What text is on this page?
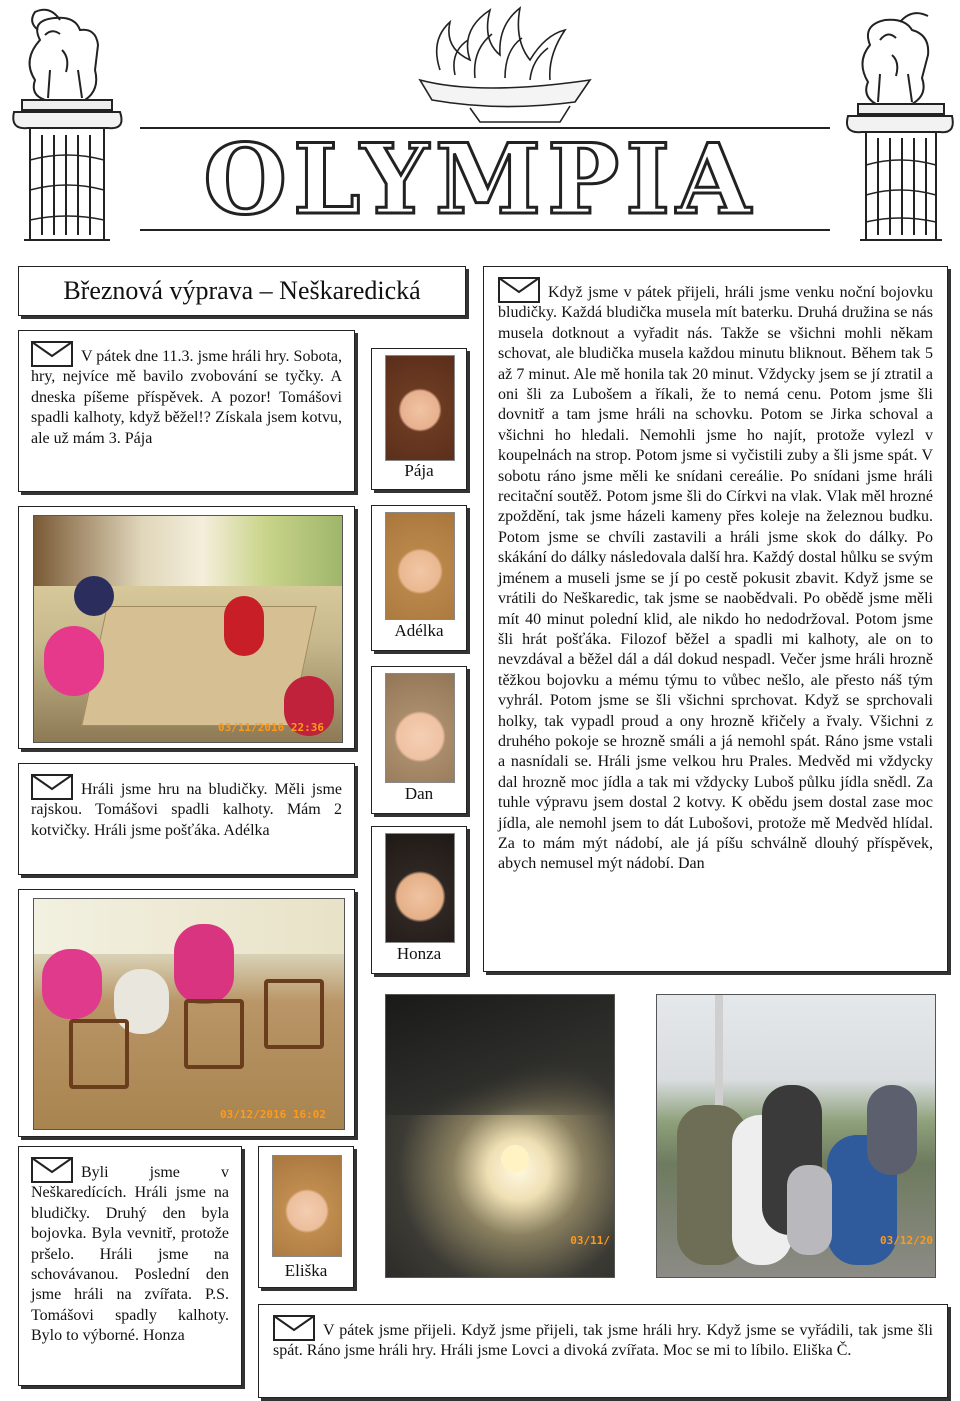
OLYMPIA
Březnová výprava – Neškaredická
V pátek dne 11.3. jsme hráli hry. Sobota, hry, nejvíce mě bavilo zvobování se tyčky. A dneska píšeme příspěvek. A pozor! Tomášovi spadli kalhoty, když běžel!? Získala jsem kotvu, ale už mám 3. Pája
03/11/2016 22:36
Hráli jsme hru na bludičky. Měli jsme rajskou. Tomášovi spadli kalhoty. Mám 2 kotvičky. Hráli jsme pošťáka. Adélka
03/12/2016 16:02
Pája
Adélka
Dan
Honza
Když jsme v pátek přijeli, hráli jsme venku noční bojovku bludičky. Každá bludička musela mít baterku. Druhá družina se nás musela dotknout a vyřadit nás. Takže se všichni mohli někam schovat, ale bludička musela každou minutu bliknout. Během tak 5 až 7 minut. Ale mě honila tak 20 minut. Vždycky jsem se jí ztratil a oni šli za Lubošem a říkali, že to nemá cenu. Potom jsme šli dovnitř a tam jsme hráli na schovku. Potom se Jirka schoval a všichni ho hledali. Nemohli jsme ho najít, protože vylezl v koupelnách na strop. Potom jsme si vyčistili zuby a šli jsme spát. V sobotu ráno jsme měli ke snídani cereálie. Po snídani jsme hráli recitační soutěž. Potom jsme šli do Církvi na vlak. Vlak měl hrozné zpoždění, tak jsme házeli kameny přes koleje na železnou budku. Potom jsme se chvíli zastavili a hráli jsme skok do dálky. Po skákání do dálky následovala další hra. Každý dostal hůlku se svým jménem a museli jsme se jí po cestě pokusit zbavit. Když jsme se vrátili do Neškaredic, tak jsme se naobědvali. Po obědě jsme měli mít 40 minut polední klid, ale nikdo ho nedodržoval. Potom jsme šli hrát pošťáka. Filozof běžel a spadli mi kalhoty, ale on to nevzdával a běžel dál a dál dokud nespadl. Večer jsme hráli hrozně těžkou bojovku a mému týmu to vůbec nešlo, ale přesto náš tým vyhrál. Potom jsme se šli všichni sprchovat. Když se sprchovali holky, tak vypadl proud a ony hrozně křičely a řvaly. Všichni z druhého pokoje se hrozně smáli a já nemohl spát. Ráno jsme vstali a nasnídali se. Hráli jsme velkou hru Prales. Medvěd mi vždycky dal hrozně moc jídla a tak mi vždycky Luboš půlku jídla snědl. Za tuhle výpravu jsem dostal 2 kotvy. K obědu jsem dostal zase moc jídla, ale nemohl jsem to dát Lubošovi, protože mě Medvěd hlídal. Za to mám mýt nádobí, ale já píšu schválně dlouhý příspěvek, abych nemusel mýt nádobí. Dan
03/11/	03/12/20
Byli jsme v Neškaredících. Hráli jsme na bludičky. Druhý den byla bojovka. Byla vevnitř, protože pršelo. Hráli jsme na schovávanou. Poslední den jsme hráli na zvířata. P.S. Tomášovi spadly kalhoty. Bylo to výborné. Honza
Eliška
V pátek jsme přijeli. Když jsme přijeli, tak jsme hráli hry. Když jsme se vyřádili, tak jsme šli spát. Ráno jsme hráli hry. Hráli jsme Lovci a divoká zvířata. Moc se mi to líbilo. Eliška Č.
